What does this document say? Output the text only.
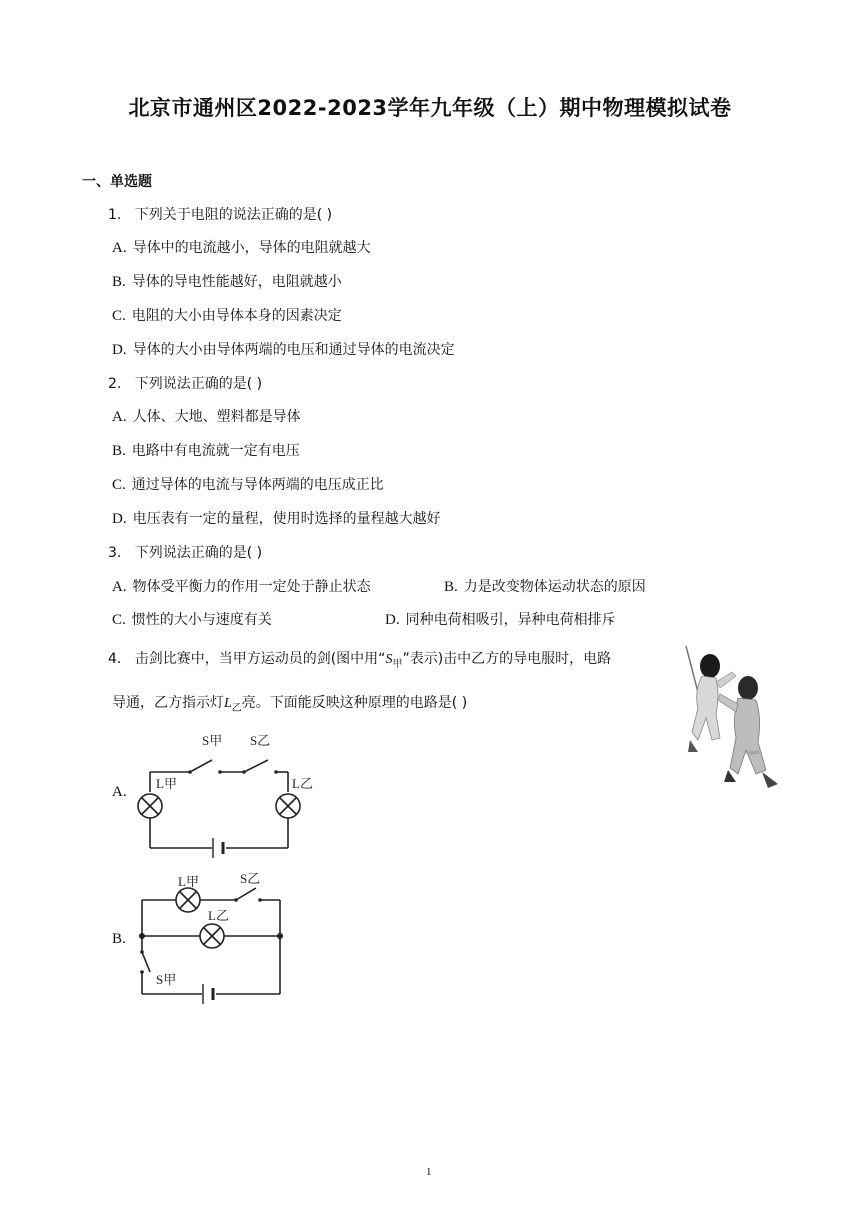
北京市通州区2022-2023学年九年级（上）期中物理模拟试卷
一、单选题
1. 下列关于电阻的说法正确的是( )
A. 导体中的电流越小，导体的电阻就越大
B. 导体的导电性能越好，电阻就越小
C. 电阻的大小由导体本身的因素决定
D. 导体的大小由导体两端的电压和通过导体的电流决定
2. 下列说法正确的是( )
A. 人体、大地、塑料都是导体
B. 电路中有电流就一定有电压
C. 通过导体的电流与导体两端的电压成正比
D. 电压表有一定的量程，使用时选择的量程越大越好
3. 下列说法正确的是( )
A. 物体受平衡力的作用一定处于静止状态	B. 力是改变物体运动状态的原因
C. 惯性的大小与速度有关	D. 同种电荷相吸引，异种电荷相排斥
4. 击剑比赛中，当甲方运动员的剑(图中用“$S_甲$”表示)击中乙方的导电服时，电路
导通，乙方指示灯$L_乙$亮。下面能反映这种原理的电路是( )
cxpsfd
A.
S甲 S乙
L甲	L乙
B.
L甲	S乙
L乙
S甲
1
